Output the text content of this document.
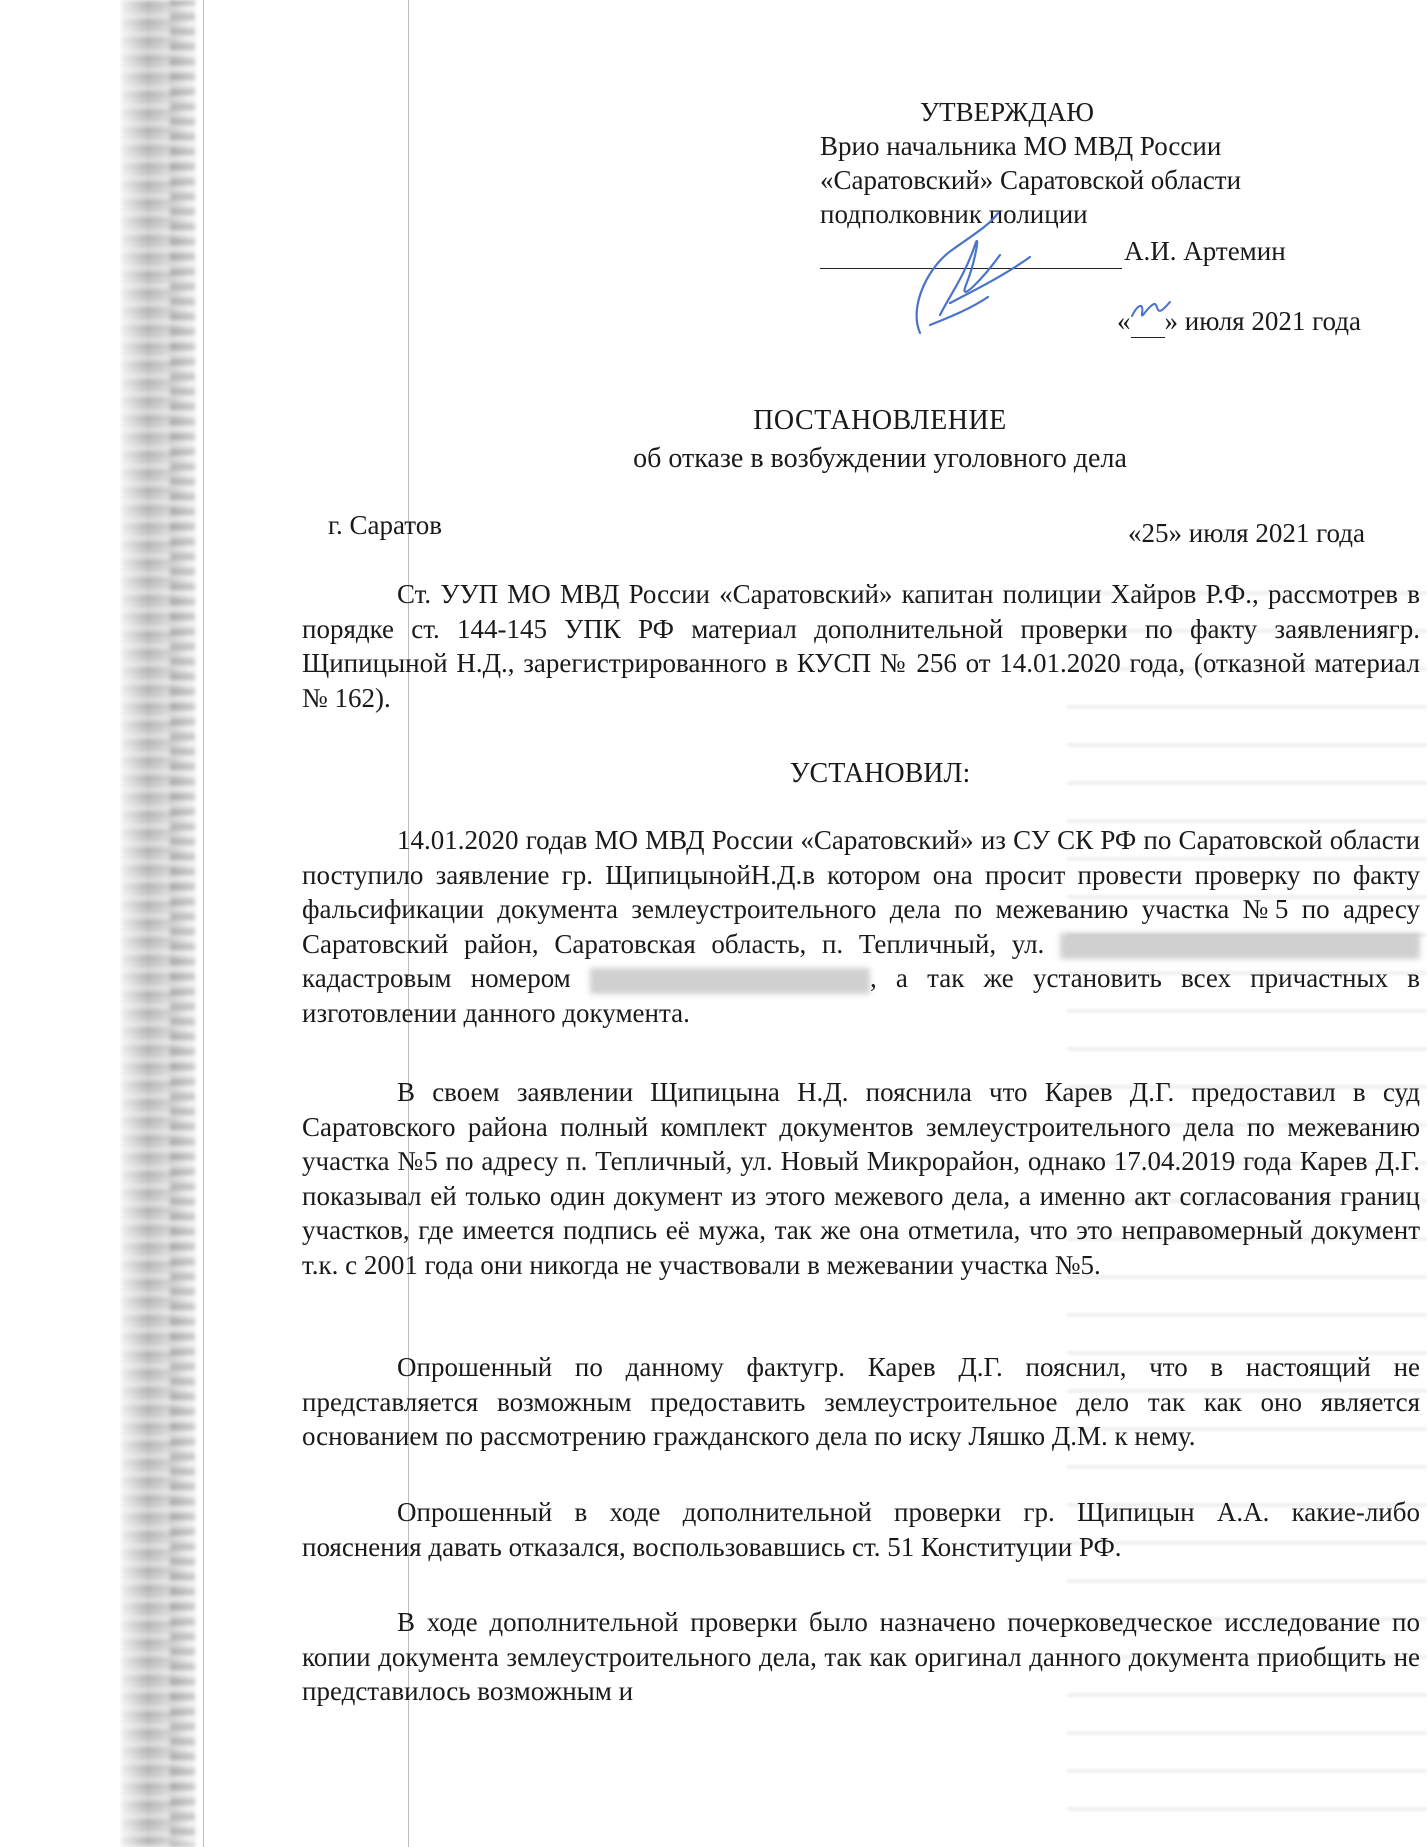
УТВЕРЖДАЮ
Врио начальника МО МВД России
«Саратовский» Саратовской области
подполковник полиции
А.И. Артемин
« » июля 2021 года
ПОСТАНОВЛЕНИЕ
об отказе в возбуждении уголовного дела
г. Саратов	«25» июля 2021 года
Ст. УУП МО МВД России «Саратовский» капитан полиции Хайров Р.Ф., рассмотрев в порядке ст. 144-145 УПК РФ материал дополнительной проверки по факту заявлениягр. Щипицыной Н.Д., зарегистрированного в КУСП № 256 от 14.01.2020 года, (отказной материал № 162).
УСТАНОВИЛ:
14.01.2020 годав МО МВД России «Саратовский» из СУ СК РФ по Саратовской области поступило заявление гр. ЩипицынойН.Д.в котором она просит провести проверку по факту фальсификации документа землеустроительного дела по межеванию участка №5 по адресу Саратовский район, Саратовская область, п. Тепличный, ул.  кадастровым номером	, а так же установить всех причастных в изготовлении данного документа.
В своем заявлении Щипицына Н.Д. пояснила что Карев Д.Г. предоставил в суд Саратовского района полный комплект документов землеустроительного дела по межеванию участка №5 по адресу п. Тепличный, ул. Новый Микрорайон, однако 17.04.2019 года Карев Д.Г. показывал ей только один документ из этого межевого дела, а именно акт согласования границ участков, где имеется подпись её мужа, так же она отметила, что это неправомерный документ т.к. с 2001 года они никогда не участвовали в межевании участка №5.
Опрошенный по данному фактугр. Карев Д.Г. пояснил, что в настоящий не представляется возможным предоставить землеустроительное дело так как оно является основанием по рассмотрению гражданского дела по иску Ляшко Д.М. к нему.
Опрошенный в ходе дополнительной проверки гр. Щипицын А.А. какие-либо пояснения давать отказался, воспользовавшись ст. 51 Конституции РФ.
В ходе дополнительной проверки было назначено почерковедческое исследование по копии документа землеустроительного дела, так как оригинал данного документа приобщить не представилось возможным и
